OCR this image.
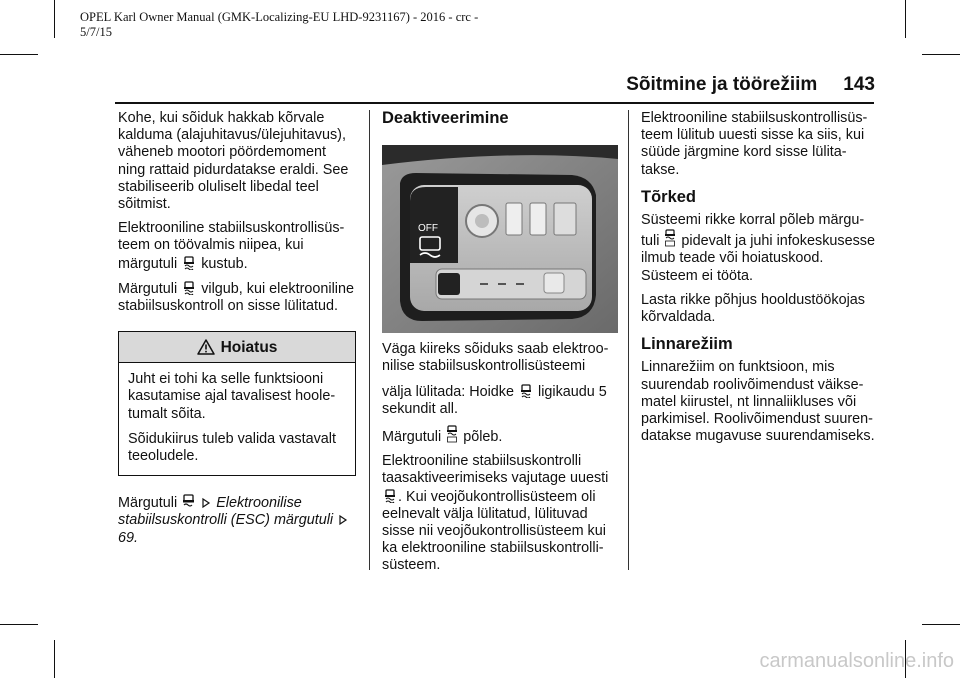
OPEL Karl Owner Manual (GMK-Localizing-EU LHD-9231167) - 2016 - crc -
5/7/15
Sõitmine ja töörežiim 143

Kohe, kui sõiduk hakkab kõrvale kalduma (alajuhitavus/ülejuhitavus), väheneb mootori pöördemoment ning rattaid pidurdatakse eraldi. See stabiliseerib oluliselt libedal teel sõitmist.

Elektrooniline stabiilsuskontrollisüs-teem on töövalmis niipea, kui märgutuli kustub.

Märgutuli vilgub, kui elektrooniline stabiilsuskontroll on sisse lülitatud.

Hoiatus

Juht ei tohi ka selle funktsiooni kasutamise ajal tavalisest hoole-tumalt sõita.

Sõidukiirus tuleb valida vastavalt teeoludele.

Märgutuli	Elektroonilise stabiilsuskontrolli (ESC) märgutuli  69.

Deaktiveerimine
OFF

Väga kiireks sõiduks saab elektroo-nilise stabiilsuskontrollisüsteemi

välja lülitada: Hoidke ligikaudu 5 sekundit all.

Märgutuli põleb.

Elektrooniline stabiilsuskontrolli taasaktiveerimiseks vajutage uuesti . Kui veojõukontrollisüsteem oli eelnevalt välja lülitatud, lülituvad sisse nii veojõukontrollisüsteem kui ka elektrooniline stabiilsuskontrolli-süsteem.

Elektrooniline stabiilsuskontrollisüs-teem lülitub uuesti sisse ka siis, kui süüde järgmine kord sisse lülita-takse.

Tõrked

Süsteemi rikke korral põleb märgu-tuli pidevalt ja juhi infokeskusesse ilmub teade või hoiatuskood. Süsteem ei tööta.

Lasta rikke põhjus hooldustöökojas kõrvaldada.

Linnarežiim

Linnarežiim on funktsioon, mis suurendab roolivõimendust väikse-matel kiirustel, nt linnaliikluses või parkimisel. Roolivõimendust suuren-datakse mugavuse suurendamiseks.

carmanualsonline.info
